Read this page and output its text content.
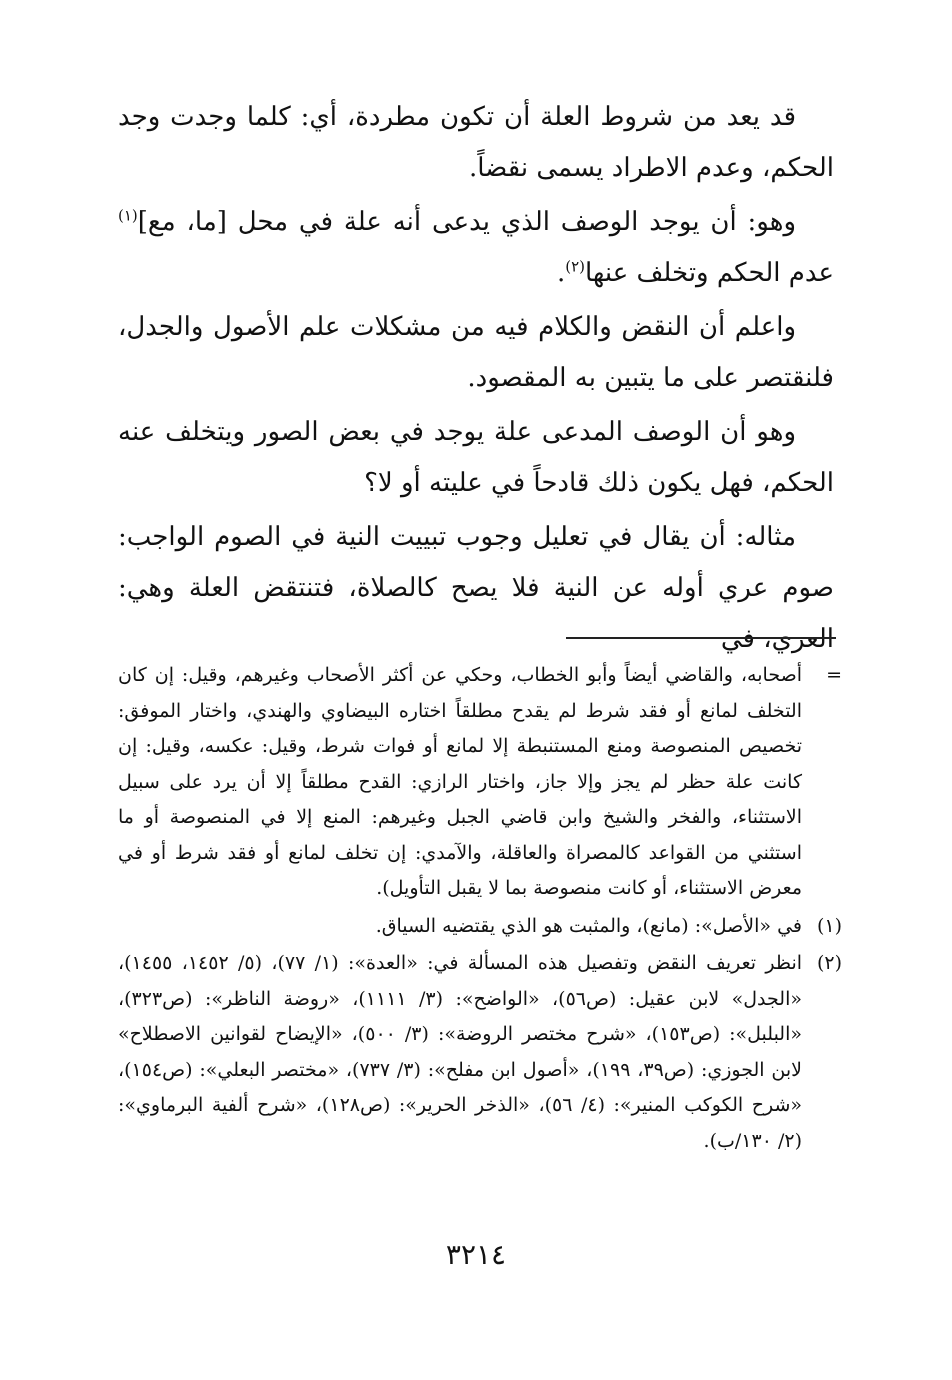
قد يعد من شروط العلة أن تكون مطردة، أي: كلما وجدت وجد الحكم، وعدم الاطراد يسمى نقضاً.

وهو: أن يوجد الوصف الذي يدعى أنه علة في محل [ما، مع]$^{(١)}$ عدم الحكم وتخلف عنها$^{(٢)}$.

واعلم أن النقض والكلام فيه من مشكلات علم الأصول والجدل، فلنقتصر على ما يتبين به المقصود.

وهو أن الوصف المدعى علة يوجد في بعض الصور ويتخلف عنه الحكم، فهل يكون ذلك قادحاً في عليته أو لا؟

مثاله: أن يقال في تعليل وجوب تبييت النية في الصوم الواجب: صوم عري أوله عن النية فلا يصح كالصلاة، فتنتقض العلة وهي: العري، في

=
أصحابه، والقاضي أيضاً وأبو الخطاب، وحكي عن أكثر الأصحاب وغيرهم، وقيل: إن كان التخلف لمانع أو فقد شرط لم يقدح مطلقاً اختاره البيضاوي والهندي، واختار الموفق: تخصيص المنصوصة ومنع المستنبطة إلا لمانع أو فوات شرط، وقيل: عكسه، وقيل: إن كانت علة حظر لم يجز وإلا جاز، واختار الرازي: القدح مطلقاً إلا أن يرد على سبيل الاستثناء، والفخر والشيخ وابن قاضي الجبل وغيرهم: المنع إلا في المنصوصة أو ما استثني من القواعد كالمصراة والعاقلة، والآمدي: إن تخلف لمانع أو فقد شرط أو في معرض الاستثناء، أو كانت منصوصة بما لا يقبل التأويل).
(١)
في «الأصل»: (مانع)، والمثبت هو الذي يقتضيه السياق.
(٢)
انظر تعريف النقض وتفصيل هذه المسألة في: «العدة»: (١/ ٧٧)، (٥/ ١٤٥٢، ١٤٥٥)، «الجدل» لابن عقيل: (ص٥٦)، «الواضح»: (٣/ ١١١١)، «روضة الناظر»: (ص٣٢٣)، «البلبل»: (ص١٥٣)، «شرح مختصر الروضة»: (٣/ ٥٠٠)، «الإيضاح لقوانين الاصطلاح» لابن الجوزي: (ص٣٩، ١٩٩)، «أصول ابن مفلح»: (٣/ ٧٣٧)، «مختصر البعلي»: (ص١٥٤)، «شرح الكوكب المنير»: (٤/ ٥٦)، «الذخر الحرير»: (ص١٢٨)، «شرح ألفية البرماوي»: (٢/ ١٣٠/ب).
٣٢١٤
